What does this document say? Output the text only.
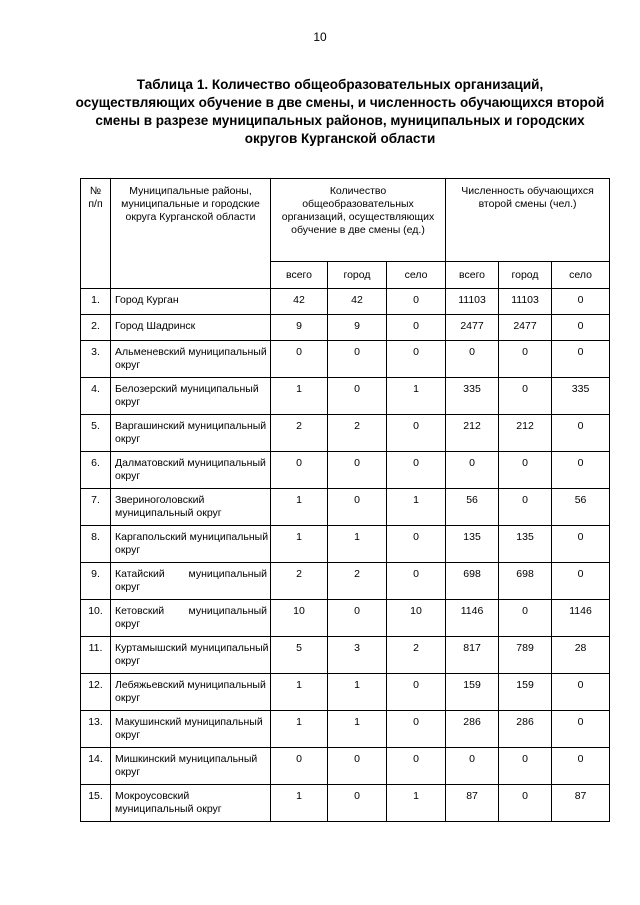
10
Таблица 1. Количество общеобразовательных организаций,
осуществляющих обучение в две смены, и численность обучающихся второй
смены в разрезе муниципальных районов, муниципальных и городских
округов Курганской области
№ п/п	Муниципальные районы, муниципальные и городские округа Курганской области	Количество общеобразовательных организаций, осуществляющих обучение в две смены (ед.)			Численность обучающихся второй смены (чел.)		

		всего	город	село	всего	город	село
1.	Город Курган	42	42	0	11103	11103	0
2.	Город Шадринск	9	9	0	2477	2477	0
3.	Альменевский муниципальный округ	0	0	0	0	0	0
4.	Белозерский муниципальный округ	1	0	1	335	0	335
5.	Варгашинский муниципальный округ	2	2	0	212	212	0
6.	Далматовский муниципальный округ	0	0	0	0	0	0
7.	Звериноголовский муниципальный округ	1	0	1	56	0	56
8.	Каргапольский муниципальный округ	1	1	0	135	135	0
9.	Катайский муниципальный округ	2	2	0	698	698	0
10.	Кетовский муниципальный округ	10	0	10	1146	0	1146
11.	Куртамышский муниципальный округ	5	3	2	817	789	28
12.	Лебяжьевский муниципальный округ	1	1	0	159	159	0
13.	Макушинский муниципальный округ	1	1	0	286	286	0
14.	Мишкинский муниципальный округ	0	0	0	0	0	0
15.	Мокроусовский муниципальный округ	1	0	1	87	0	87
